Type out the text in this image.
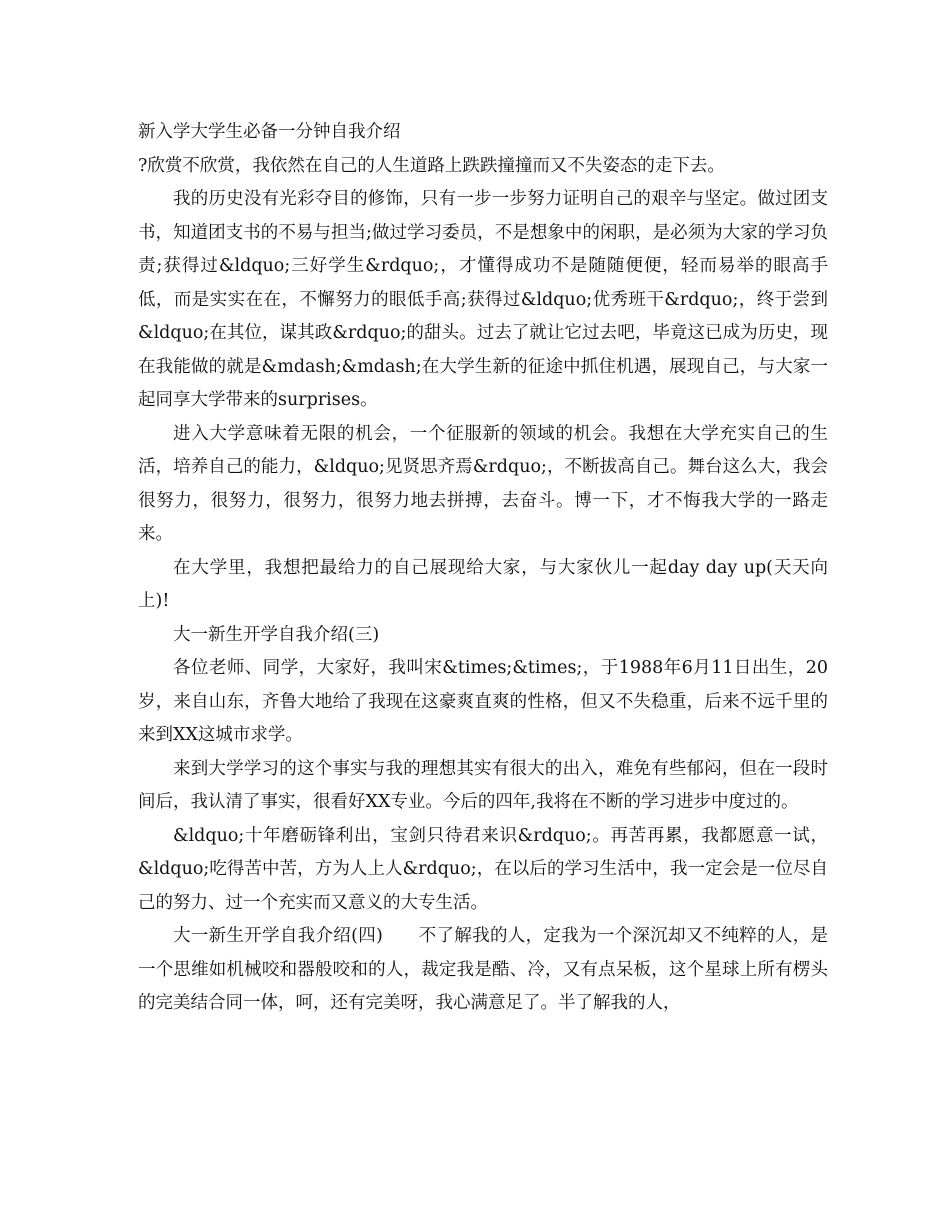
新入学大学生必备一分钟自我介绍

?欣赏不欣赏，我依然在自己的人生道路上跌跌撞撞而又不失姿态的走下去。

我的历史没有光彩夺目的修饰，只有一步一步努力证明自己的艰辛与坚定。做过团支书，知道团支书的不易与担当;做过学习委员，不是想象中的闲职，是必须为大家的学习负责;获得过&ldquo;三好学生&rdquo;，才懂得成功不是随随便便，轻而易举的眼高手低，而是实实在在，不懈努力的眼低手高;获得过&ldquo;优秀班干&rdquo;，终于尝到&ldquo;在其位，谋其政&rdquo;的甜头。过去了就让它过去吧，毕竟这已成为历史，现在我能做的就是&mdash;&mdash;在大学生新的征途中抓住机遇，展现自己，与大家一起同享大学带来的surprises。

进入大学意味着无限的机会，一个征服新的领域的机会。我想在大学充实自己的生活，培养自己的能力，&ldquo;见贤思齐焉&rdquo;，不断拔高自己。舞台这么大，我会很努力，很努力，很努力，很努力地去拼搏，去奋斗。博一下，才不悔我大学的一路走来。

在大学里，我想把最给力的自己展现给大家，与大家伙儿一起day day up(天天向上)!

大一新生开学自我介绍(三)

各位老师、同学，大家好，我叫宋&times;&times;，于1988年6月11日出生，20岁，来自山东，齐鲁大地给了我现在这豪爽直爽的性格，但又不失稳重，后来不远千里的来到XX这城市求学。

来到大学学习的这个事实与我的理想其实有很大的出入，难免有些郁闷，但在一段时间后，我认清了事实，很看好XX专业。今后的四年,我将在不断的学习进步中度过的。

&ldquo;十年磨砺锋利出，宝剑只待君来识&rdquo;。再苦再累，我都愿意一试，&ldquo;吃得苦中苦，方为人上人&rdquo;，在以后的学习生活中，我一定会是一位尽自己的努力、过一个充实而又意义的大专生活。

大一新生开学自我介绍(四)　　不了解我的人，定我为一个深沉却又不纯粹的人，是一个思维如机械咬和器般咬和的人，裁定我是酷、冷，又有点呆板，这个星球上所有楞头的完美结合同一体，呵，还有完美呀，我心满意足了。半了解我的人，
